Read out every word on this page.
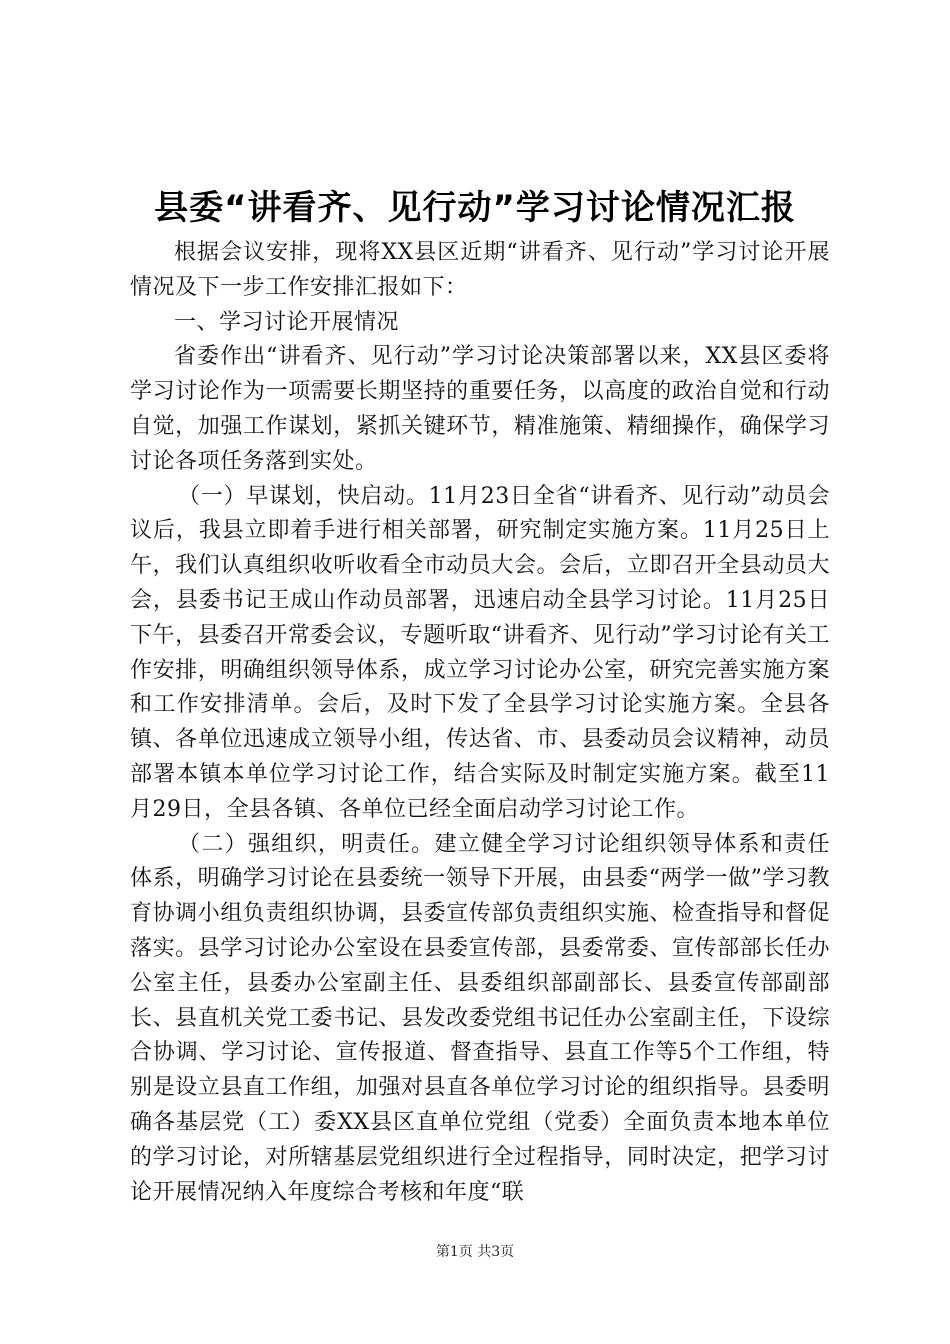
县委“讲看齐、见行动”学习讨论情况汇报

根据会议安排，现将XX县区近期“讲看齐、见行动”学习讨论开展情况及下一步工作安排汇报如下：

一、学习讨论开展情况

省委作出“讲看齐、见行动”学习讨论决策部署以来，XX县区委将学习讨论作为一项需要长期坚持的重要任务，以高度的政治自觉和行动自觉，加强工作谋划，紧抓关键环节，精准施策、精细操作，确保学习讨论各项任务落到实处。

（一）早谋划，快启动。11月23日全省“讲看齐、见行动”动员会议后，我县立即着手进行相关部署，研究制定实施方案。11月25日上午，我们认真组织收听收看全市动员大会。会后，立即召开全县动员大会，县委书记王成山作动员部署，迅速启动全县学习讨论。11月25日下午，县委召开常委会议，专题听取“讲看齐、见行动”学习讨论有关工作安排，明确组织领导体系，成立学习讨论办公室，研究完善实施方案和工作安排清单。会后，及时下发了全县学习讨论实施方案。全县各镇、各单位迅速成立领导小组，传达省、市、县委动员会议精神，动员部署本镇本单位学习讨论工作，结合实际及时制定实施方案。截至11月29日，全县各镇、各单位已经全面启动学习讨论工作。

（二）强组织，明责任。建立健全学习讨论组织领导体系和责任体系，明确学习讨论在县委统一领导下开展，由县委“两学一做”学习教育协调小组负责组织协调，县委宣传部负责组织实施、检查指导和督促落实。县学习讨论办公室设在县委宣传部，县委常委、宣传部部长任办公室主任，县委办公室副主任、县委组织部副部长、县委宣传部副部长、县直机关党工委书记、县发改委党组书记任办公室副主任，下设综合协调、学习讨论、宣传报道、督查指导、县直工作等5个工作组，特别是设立县直工作组，加强对县直各单位学习讨论的组织指导。县委明确各基层党（工）委XX县区直单位党组（党委）全面负责本地本单位的学习讨论，对所辖基层党组织进行全过程指导，同时决定，把学习讨论开展情况纳入年度综合考核和年度“联

第1页 共3页
